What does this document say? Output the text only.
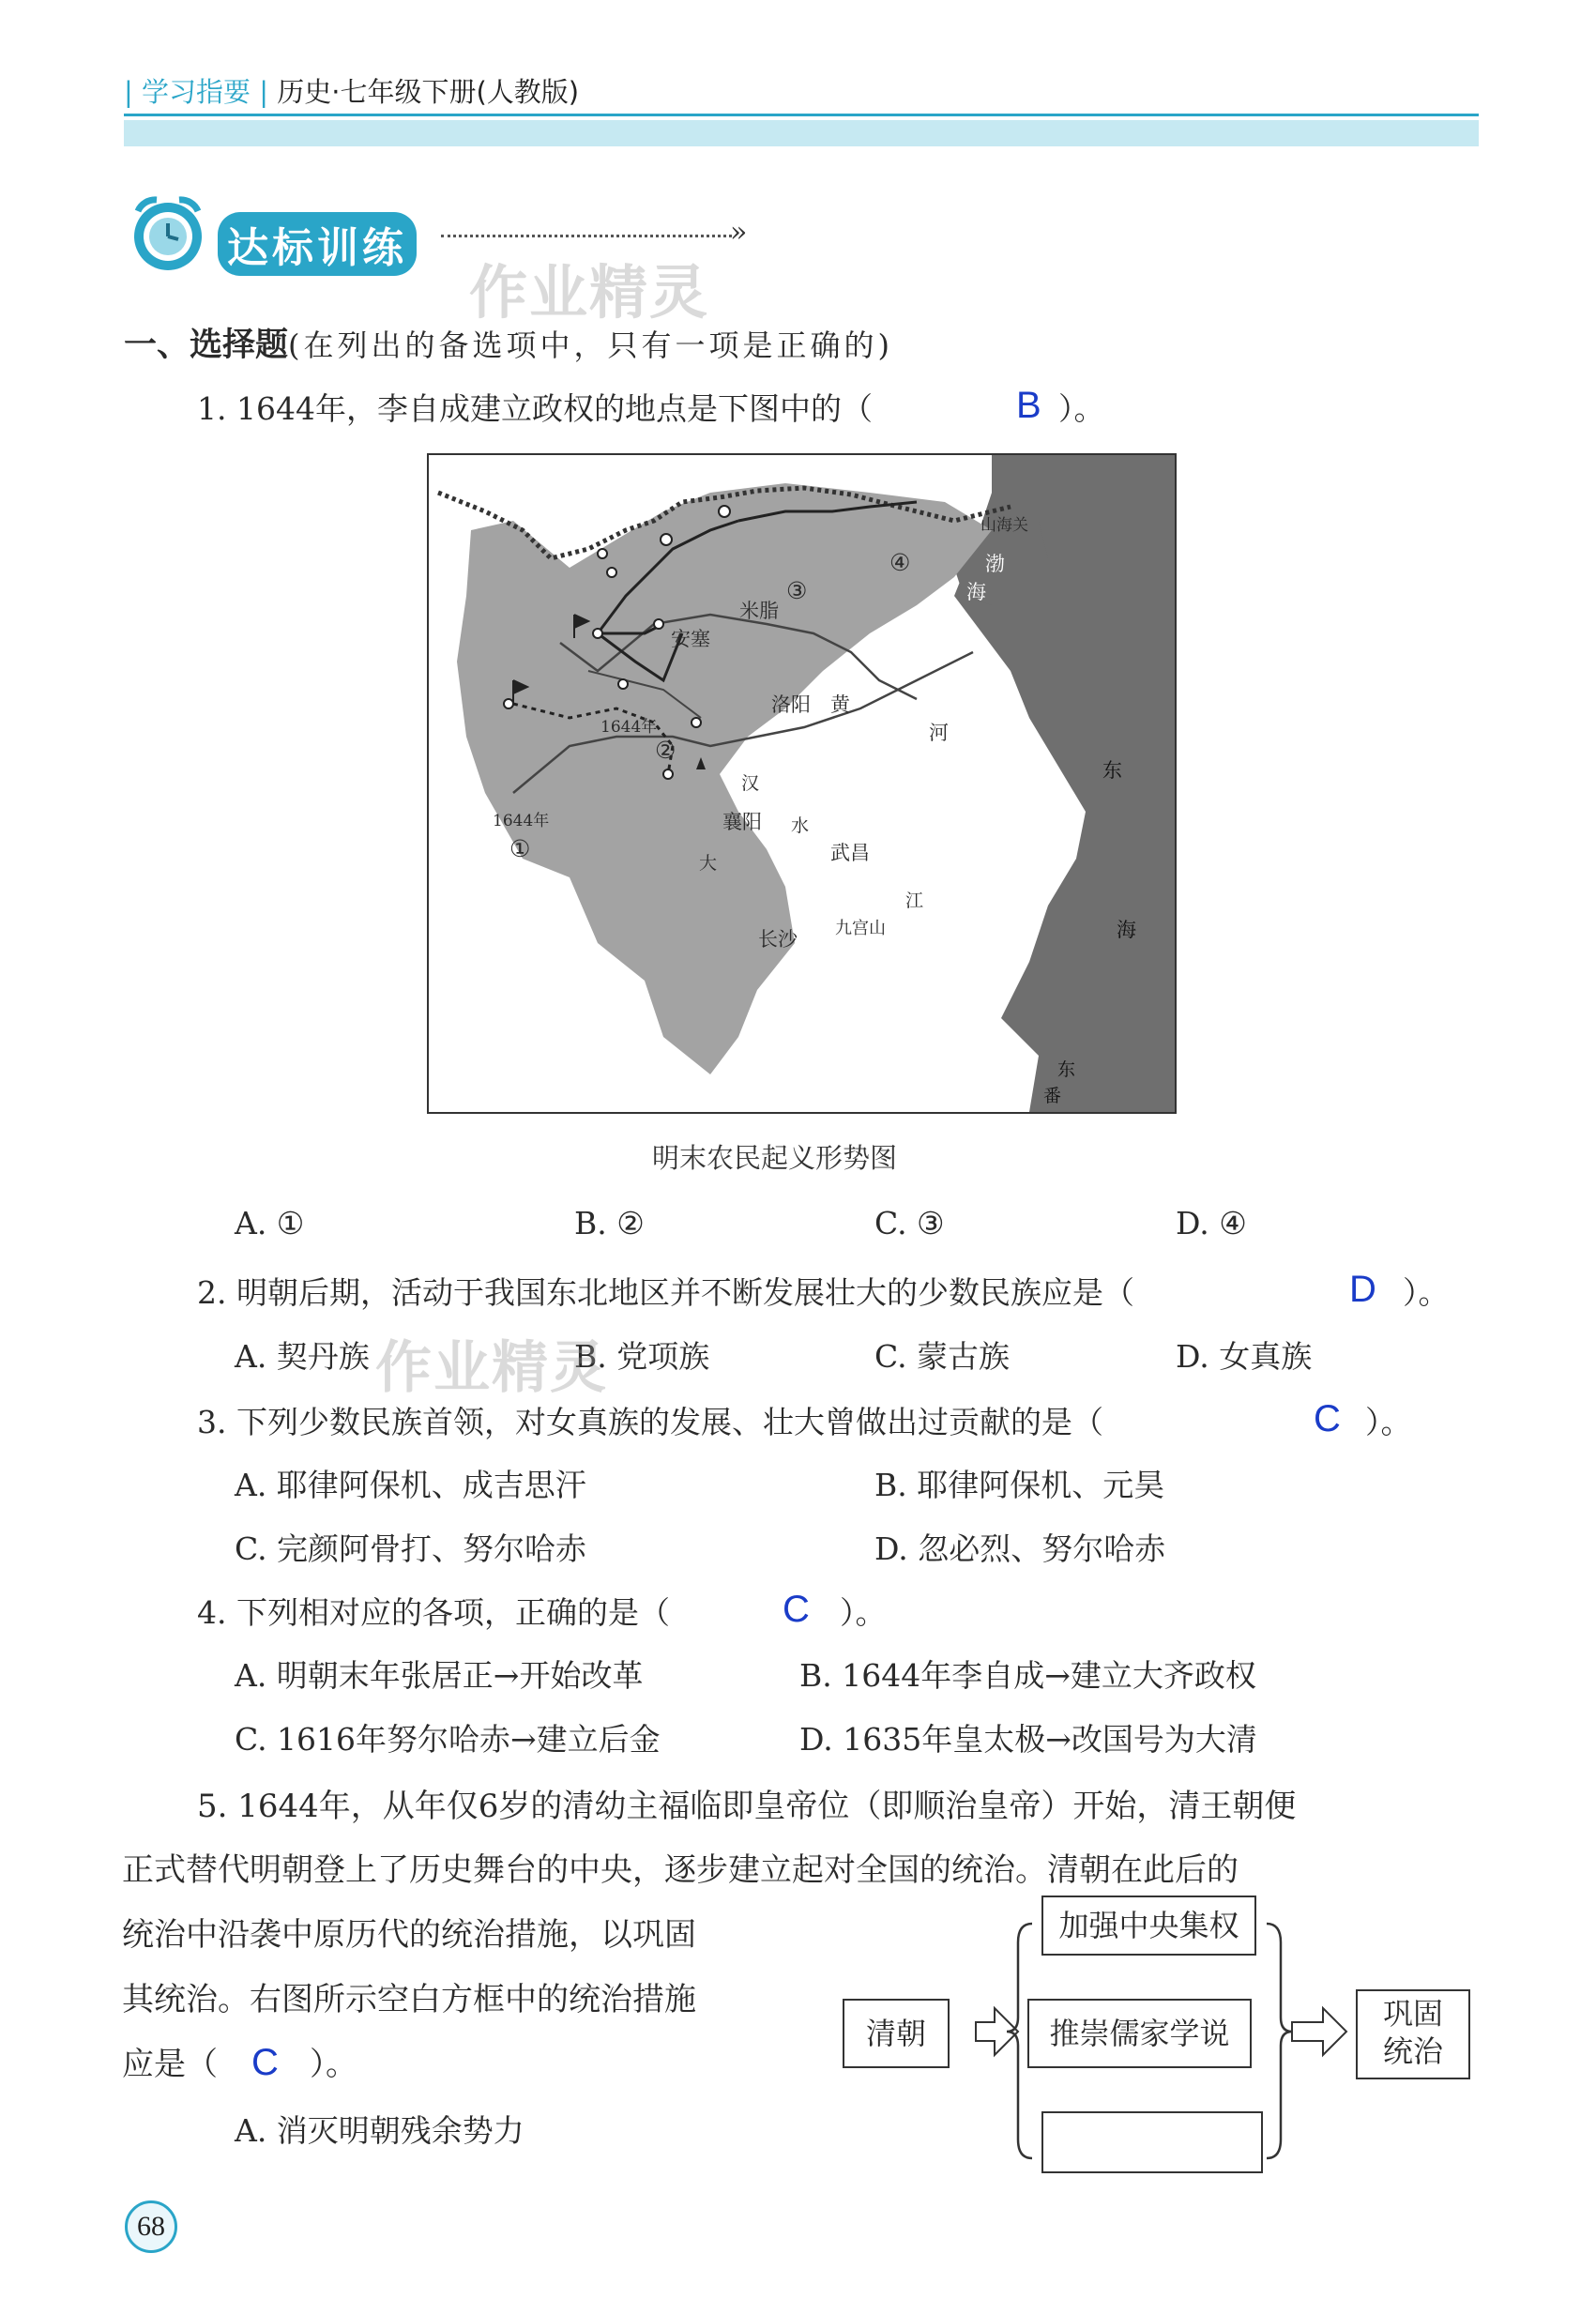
| 学习指要 | 历史·七年级下册(人教版)
达标训练	»
作业精灵
一、选择题(在列出的备选项中，只有一项是正确的)
1. 1644年，李自成建立政权的地点是下图中的（	B ）。
安塞
米脂
洛阳 黄
河
汉
水
襄阳
武昌
大
江
长沙 九宫山
山海关
渤
海
东
海
东
番
1644年
1644年
①
②
③
④
明末农民起义形势图
A. ①	B. ②	C. ③	D. ④
2. 明朝后期，活动于我国东北地区并不断发展壮大的少数民族应是（	D ）。
A. 契丹族	B. 党项族	C. 蒙古族	D. 女真族
作业精灵
3. 下列少数民族首领，对女真族的发展、壮大曾做出过贡献的是（	C ）。
A. 耶律阿保机、成吉思汗	B. 耶律阿保机、元昊
C. 完颜阿骨打、努尔哈赤	D. 忽必烈、努尔哈赤
4. 下列相对应的各项，正确的是（	C ）。
A. 明朝末年张居正→开始改革	B. 1644年李自成→建立大齐政权
C. 1616年努尔哈赤→建立后金	D. 1635年皇太极→改国号为大清
5. 1644年，从年仅6岁的清幼主福临即皇帝位（即顺治皇帝）开始，清王朝便
正式替代明朝登上了历史舞台的中央，逐步建立起对全国的统治。清朝在此后的
统治中沿袭中原历代的统治措施，以巩固
其统治。右图所示空白方框中的统治措施
应是（ C ）。
A. 消灭明朝残余势力
清朝
加强中央集权
推崇儒家学说
巩固
统治
68
